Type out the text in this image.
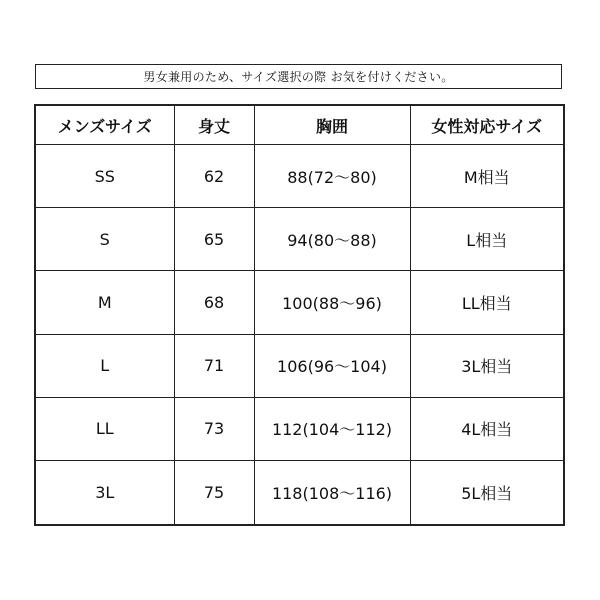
男女兼用のため、サイズ選択の際 お気を付けください。
メンズサイズ	身丈	胸囲	女性対応サイズ
SS	62	88(72～80)	M相当
S	65	94(80～88)	L相当
M	68	100(88～96)	LL相当
L	71	106(96～104)	3L相当
LL	73	112(104～112)	4L相当
3L	75	118(108～116)	5L相当
